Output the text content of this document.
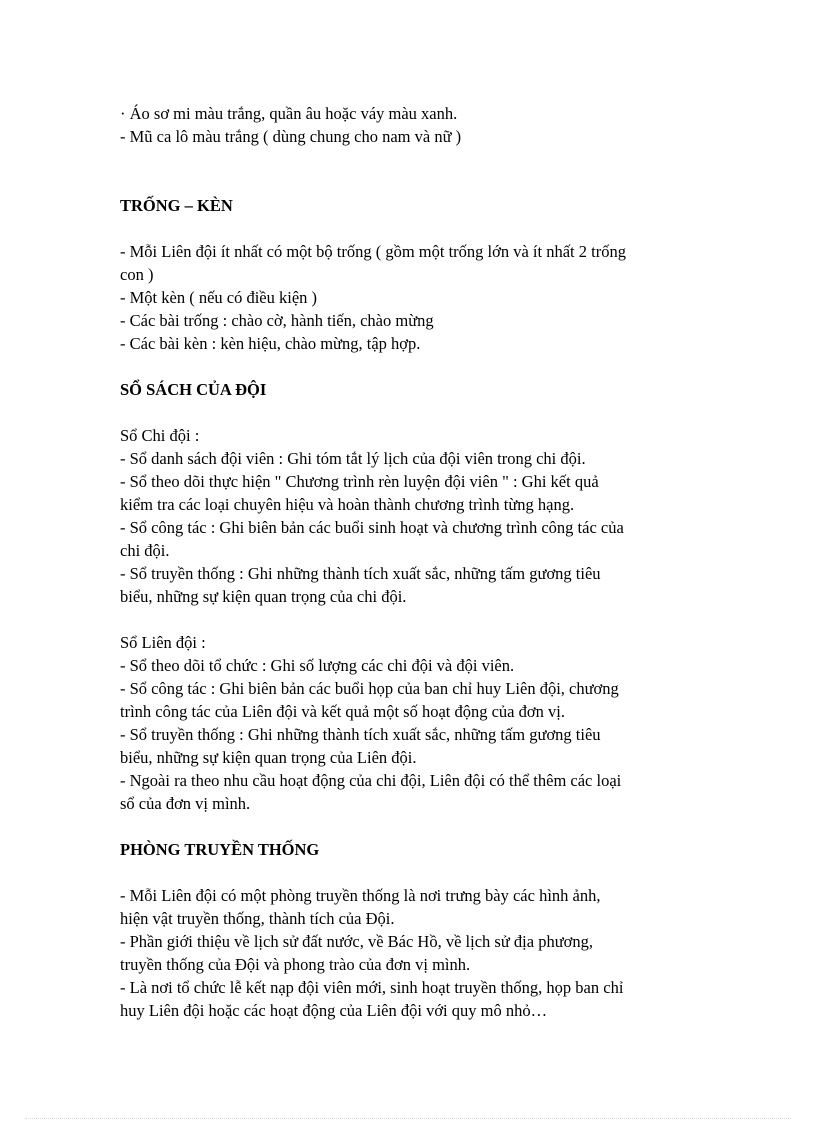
· Áo sơ mi màu trắng, quần âu hoặc váy màu xanh.
- Mũ ca lô màu trắng ( dùng chung cho nam và nữ )
TRỐNG – KÈN
- Mỗi Liên đội ít nhất có một bộ trống ( gồm một trống lớn và ít nhất 2 trống
con )
- Một kèn ( nếu có điều kiện )
- Các bài trống : chào cờ, hành tiến, chào mừng
- Các bài kèn : kèn hiệu, chào mừng, tập hợp.
SỔ SÁCH CỦA ĐỘI
Sổ Chi đội :
- Sổ danh sách đội viên : Ghi tóm tắt lý lịch của đội viên trong chi đội.
- Sổ theo dõi thực hiện " Chương trình rèn luyện đội viên " : Ghi kết quả
kiểm tra các loại chuyên hiệu và hoàn thành chương trình từng hạng.
- Sổ công tác : Ghi biên bản các buổi sinh hoạt và chương trình công tác của
chi đội.
- Sổ truyền thống : Ghi những thành tích xuất sắc, những tấm gương tiêu
biểu, những sự kiện quan trọng của chi đội.
Sổ Liên đội :
- Sổ theo dõi tổ chức : Ghi số lượng các chi đội và đội viên.
- Sổ công tác : Ghi biên bản các buổi họp của ban chỉ huy Liên đội, chương
trình công tác của Liên đội và kết quả một số hoạt động của đơn vị.
- Sổ truyền thống : Ghi những thành tích xuất sắc, những tấm gương tiêu
biểu, những sự kiện quan trọng của Liên đội.
- Ngoài ra theo nhu cầu hoạt động của chi đội, Liên đội có thể thêm các loại
sổ của đơn vị mình.
PHÒNG TRUYỀN THỐNG
- Mỗi Liên đội có một phòng truyền thống là nơi trưng bày các hình ảnh,
hiện vật truyền thống, thành tích của Đội.
- Phần giới thiệu về lịch sử đất nước, về Bác Hồ, về lịch sử địa phương,
truyền thống của Đội và phong trào của đơn vị mình.
- Là nơi tổ chức lễ kết nạp đội viên mới, sinh hoạt truyền thống, họp ban chỉ
huy Liên đội hoặc các hoạt động của Liên đội với quy mô nhỏ…
